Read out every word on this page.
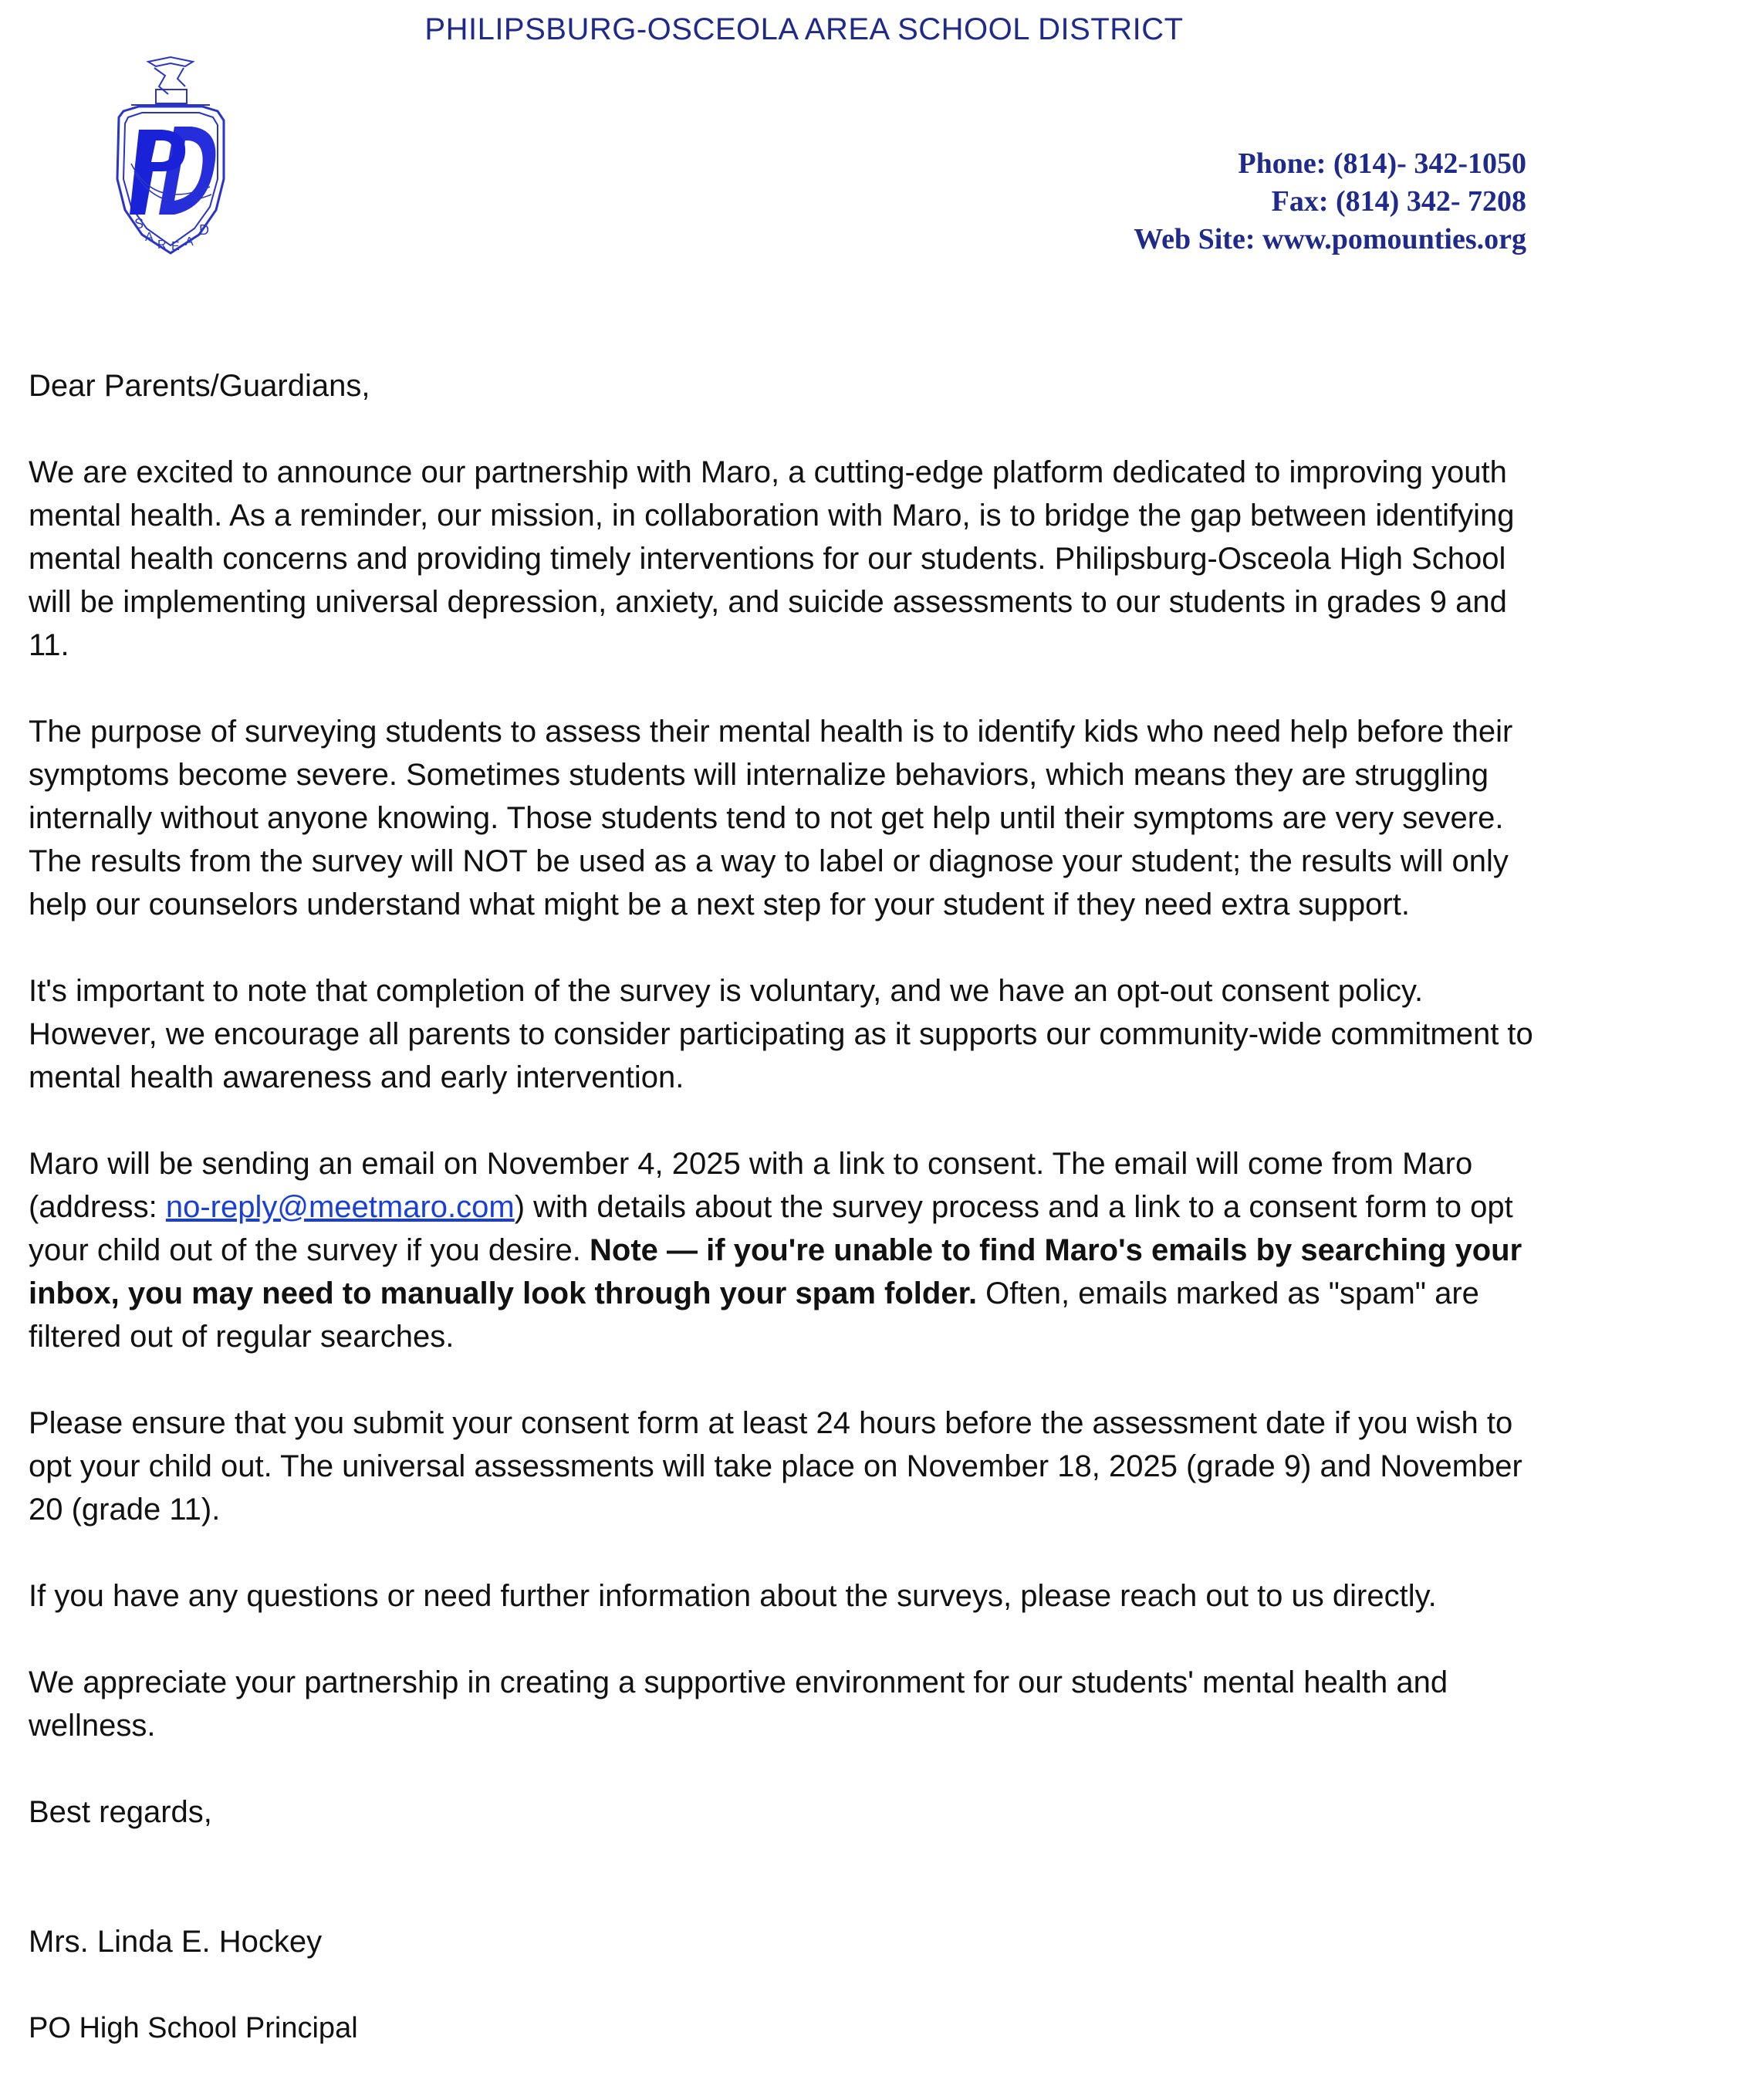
PHILIPSBURG-OSCEOLA AREA SCHOOL DISTRICT
S
A
R E A
D
Phone: (814)- 342-1050
Fax: (814) 342- 7208
Web Site: www.pomounties.org

Dear Parents/Guardians,

We are excited to announce our partnership with Maro, a cutting-edge platform dedicated to improving youth mental health. As a reminder, our mission, in collaboration with Maro, is to bridge the gap between identifying mental health concerns and providing timely interventions for our students. Philipsburg-Osceola High School will be implementing universal depression, anxiety, and suicide assessments to our students in grades 9 and 11.

The purpose of surveying students to assess their mental health is to identify kids who need help before their symptoms become severe. Sometimes students will internalize behaviors, which means they are struggling internally without anyone knowing. Those students tend to not get help until their symptoms are very severe. The results from the survey will NOT be used as a way to label or diagnose your student; the results will only help our counselors understand what might be a next step for your student if they need extra support.

It's important to note that completion of the survey is voluntary, and we have an opt-out consent policy. However, we encourage all parents to consider participating as it supports our community-wide commitment to mental health awareness and early intervention.

Maro will be sending an email on November 4, 2025 with a link to consent. The email will come from Maro (address: no-reply@meetmaro.com) with details about the survey process and a link to a consent form to opt your child out of the survey if you desire. Note — if you're unable to find Maro's emails by searching your inbox, you may need to manually look through your spam folder. Often, emails marked as "spam" are filtered out of regular searches.

Please ensure that you submit your consent form at least 24 hours before the assessment date if you wish to opt your child out. The universal assessments will take place on November 18, 2025 (grade 9) and November 20 (grade 11).

If you have any questions or need further information about the surveys, please reach out to us directly.

We appreciate your partnership in creating a supportive environment for our students' mental health and wellness.

Best regards,

Mrs. Linda E. Hockey

PO High School Principal
